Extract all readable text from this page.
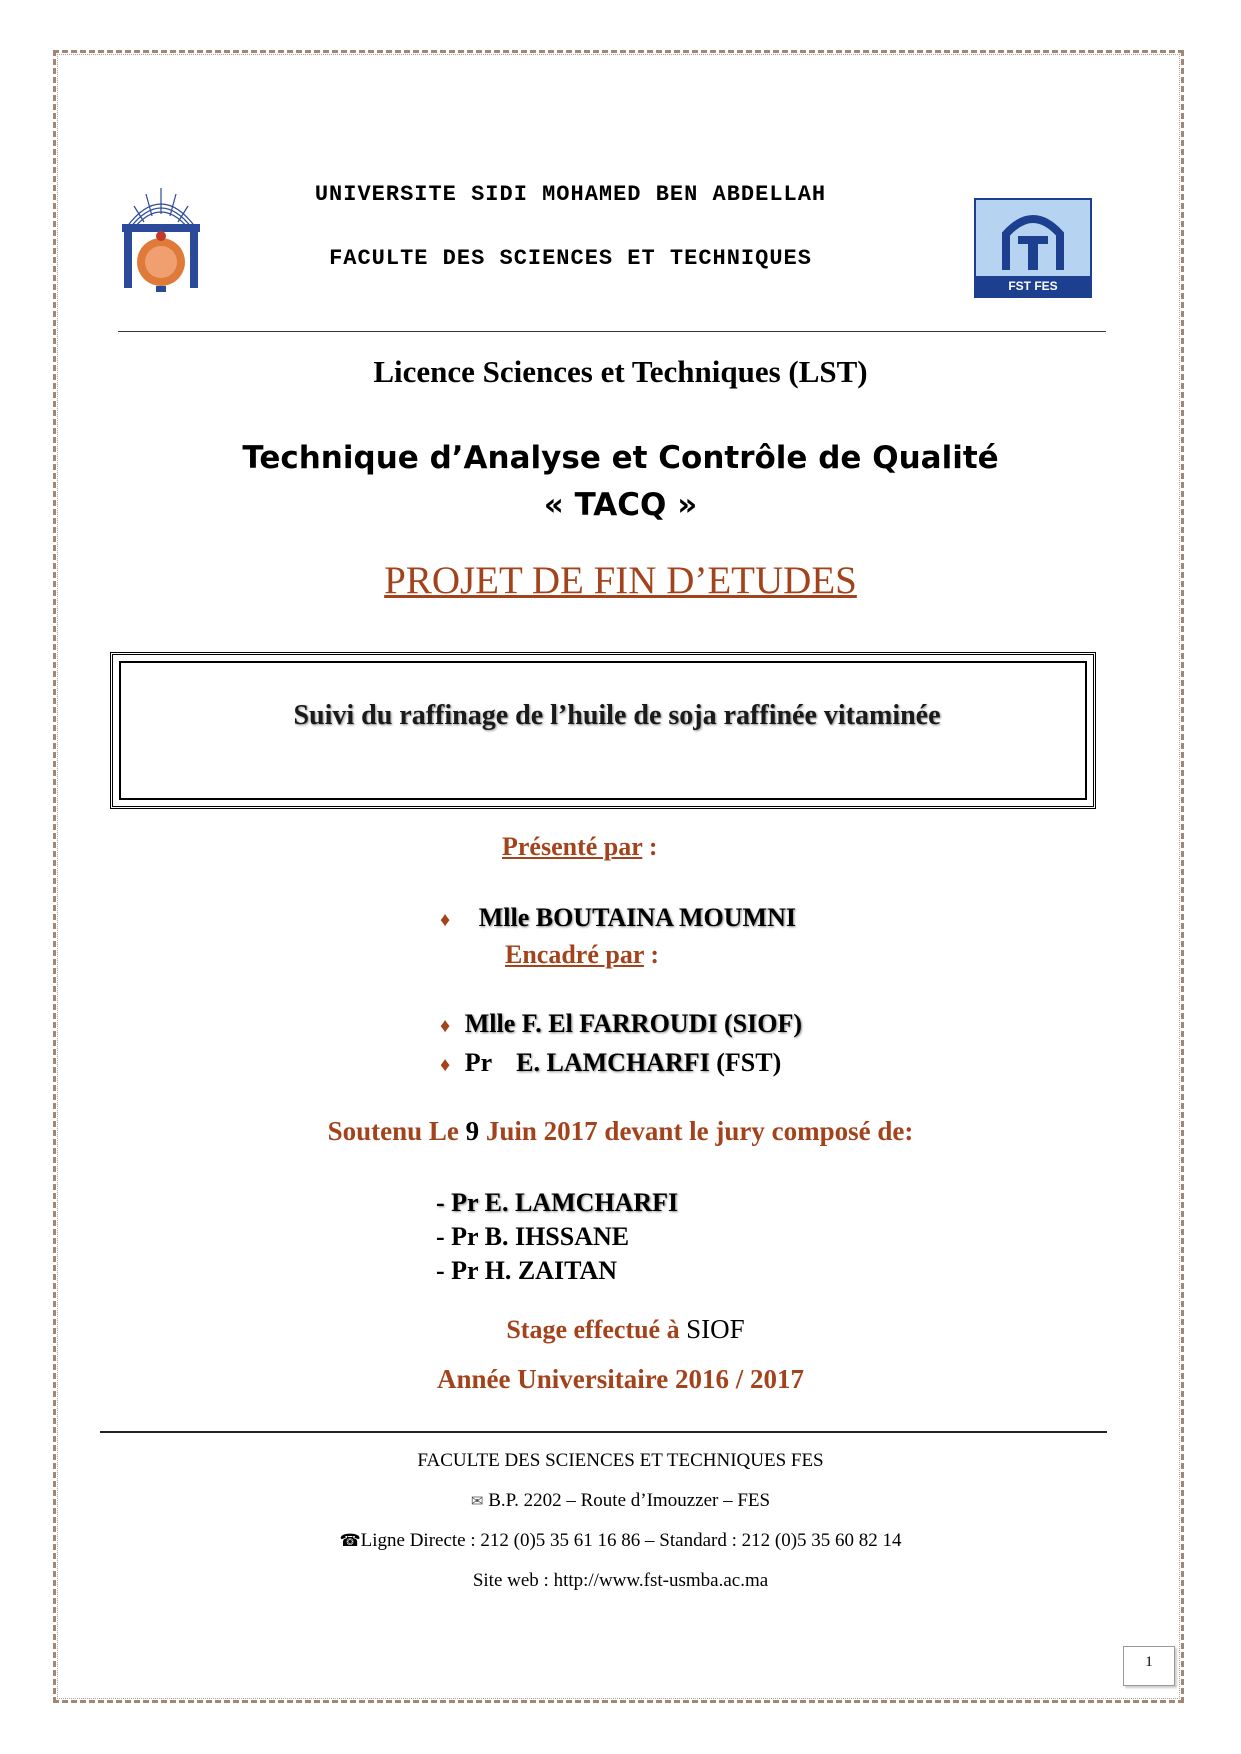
UNIVERSITE SIDI MOHAMED BEN ABDELLAH
FACULTE DES SCIENCES ET TECHNIQUES
FST FES
Licence Sciences et Techniques (LST)
Technique d’Analyse et Contrôle de Qualité
« TACQ »
PROJET DE FIN D’ETUDES
Suivi du raffinage de l’huile de soja raffinée vitaminée
Présenté par :
♦ Mlle BOUTAINA MOUMNI
Encadré par :
♦ Mlle F. El FARROUDI (SIOF)
♦ Pr E. LAMCHARFI (FST)
Soutenu Le 9 Juin 2017 devant le jury composé de:
- Pr E. LAMCHARFI
- Pr B. IHSSANE
- Pr H. ZAITAN
Stage effectué à SIOF
Année Universitaire 2016 / 2017
FACULTE DES SCIENCES ET TECHNIQUES FES
✉ B.P. 2202 – Route d’Imouzzer – FES
☎Ligne Directe : 212 (0)5 35 61 16 86 – Standard : 212 (0)5 35 60 82 14
Site web : http://www.fst-usmba.ac.ma
1
